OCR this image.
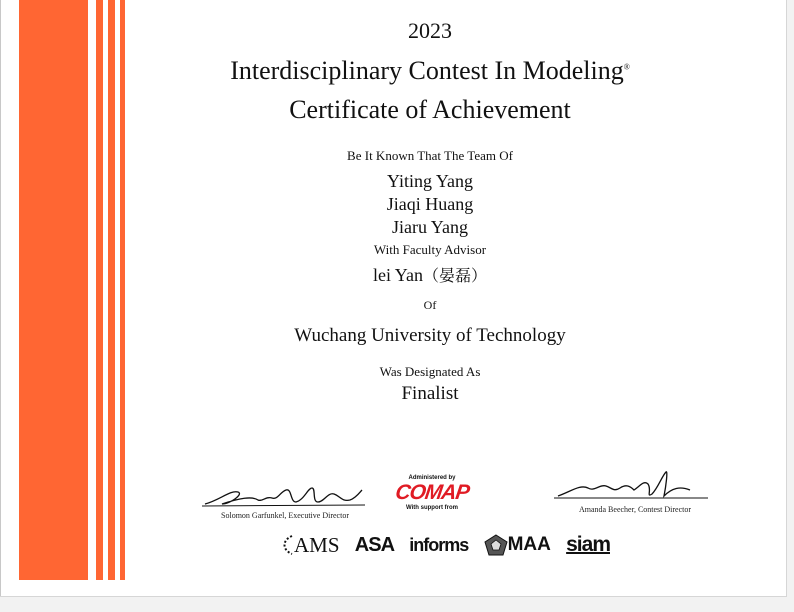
2023
Interdisciplinary Contest In Modeling®
Certificate of Achievement
Be It Known That The Team Of
Yiting Yang
Jiaqi Huang
Jiaru Yang
With Faculty Advisor
lei Yan（晏磊）
Of
Wuchang University of Technology
Was Designated As
Finalist
Solomon Garfunkel, Executive Director
Administered by
COMAP
With support from	Amanda Beecher, Contest Director
AMS ASA informs MAA siam
